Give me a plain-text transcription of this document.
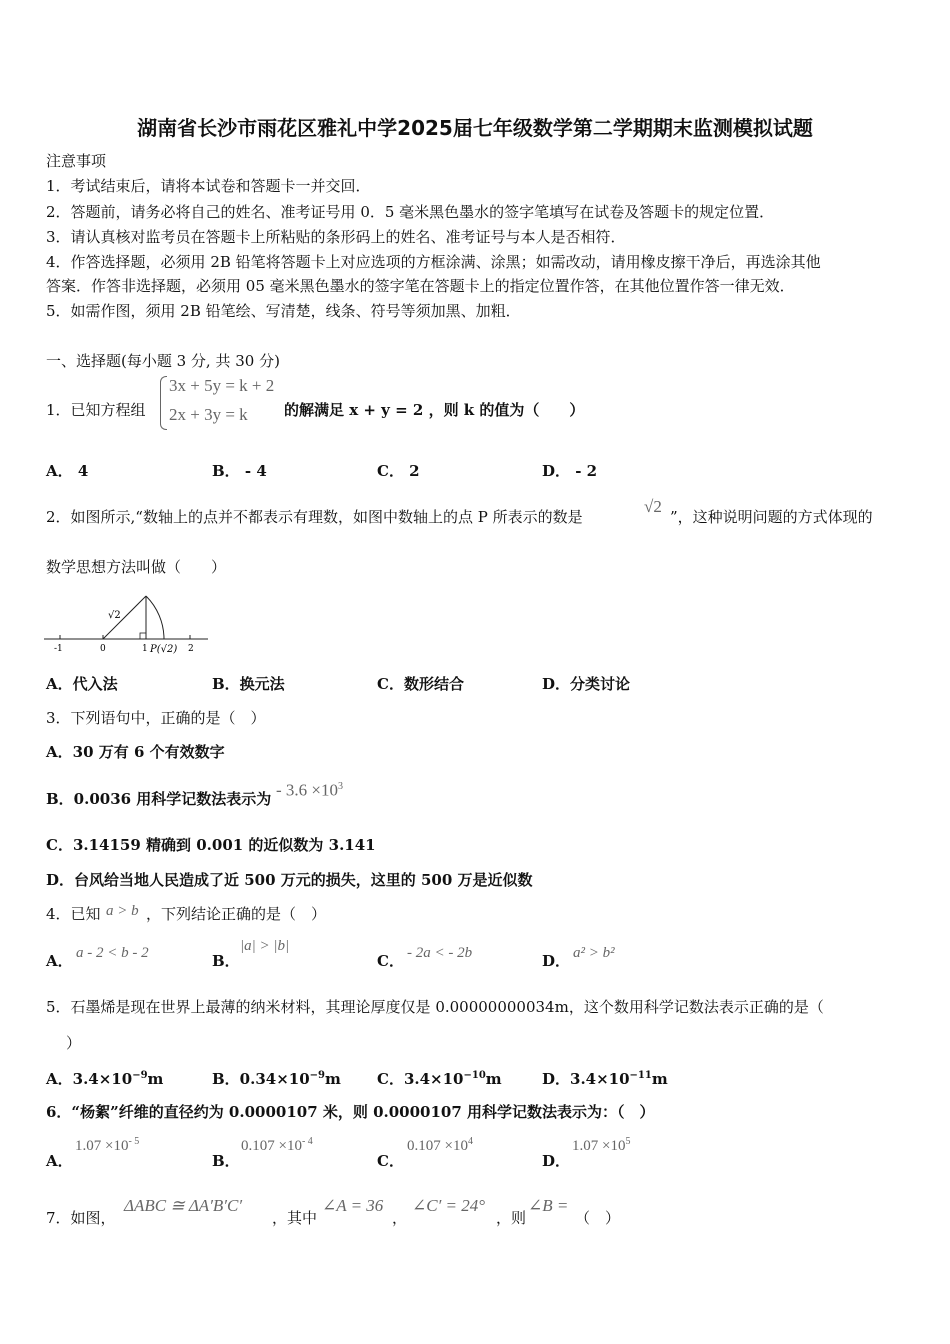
湖南省长沙市雨花区雅礼中学2025届七年级数学第二学期期末监测模拟试题
注意事项
1．考试结束后，请将本试卷和答题卡一并交回．
2．答题前，请务必将自己的姓名、准考证号用 0．5 毫米黑色墨水的签字笔填写在试卷及答题卡的规定位置．
3．请认真核对监考员在答题卡上所粘贴的条形码上的姓名、准考证号与本人是否相符．
4．作答选择题，必须用 2B 铅笔将答题卡上对应选项的方框涂满、涂黑；如需改动，请用橡皮擦干净后，再选涂其他
答案．作答非选择题，必须用 05 毫米黑色墨水的签字笔在答题卡上的指定位置作答，在其他位置作答一律无效．
5．如需作图，须用 2B 铅笔绘、写清楚，线条、符号等须加黑、加粗．
一、选择题(每小题 3 分, 共 30 分)
1．已知方程组
3x + 5y = k + 2
2x + 3y = k 的解满足 x + y = 2 ，则 k 的值为（　　）
A． 4	B． - 4	C． 2	D． - 2
2．如图所示,“数轴上的点并不都表示有理数，如图中数轴上的点 P 所表示的数是
√2
”，这种说明问题的方式体现的
数学思想方法叫做（　　）
-1	0	1	2
√2
P(√2)
A．代入法	B．换元法	C．数形结合	D．分类讨论
3．下列语句中，正确的是（　）
A．30 万有 6 个有效数字
B．0.0036 用科学记数法表示为 - $3.6 \times 10^3$
C．3.14159 精确到 0.001 的近似数为 3.141
D．台风给当地人民造成了近 500 万元的损失，这里的 500 万是近似数
4．已知 a > b ，下列结论正确的是（　）
A． a - 2 < b - 2	B．
|a| > |b|
C． - 2a < - 2b	D． a² > b²
5．石墨烯是现在世界上最薄的纳米材料，其理论厚度仅是 0.00000000034m，这个数用科学记数法表示正确的是（
）
A．$3.4\times 10^{-9}m$	B．$0.34\times 10^{-9}m$ C．$3.4\times 10^{-10}m$	D．$3.4\times 10^{-11}m$
6．“杨絮”纤维的直径约为 0.0000107 米，则 0.0000107 用科学记数法表示为：（　）
A．
$1.07 \times 10^{- 5}$
B．
$0.107 \times 10^{- 4}$
C．
$0.107 \times 10^4$
D．
$1.07 \times 10^5$
7．如图，
ΔABC ≅ ΔA′B′C′
，其中
∠A = 36
，
∠C′ = 24°
，则
∠B =
（　）
